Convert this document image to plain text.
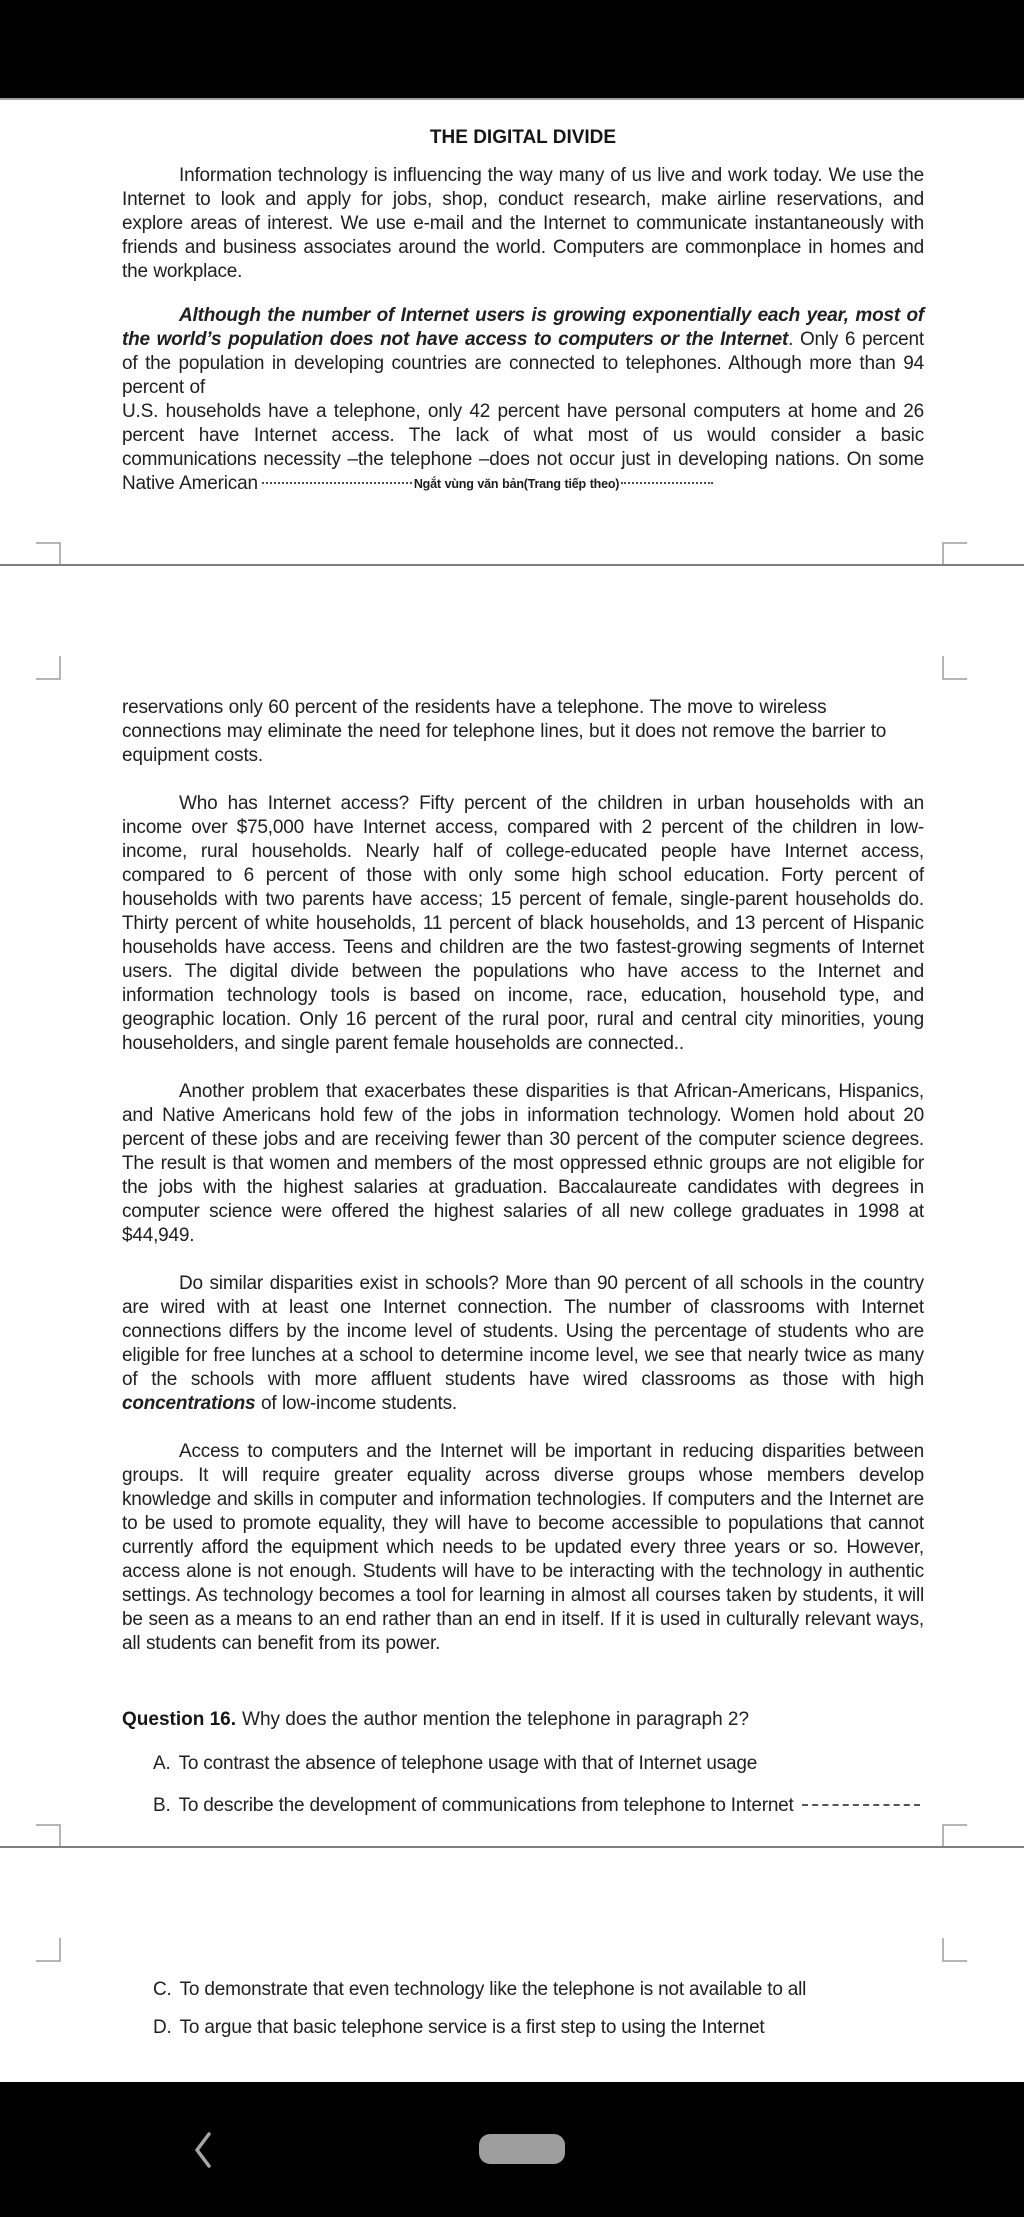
THE DIGITAL DIVIDE

Information technology is influencing the way many of us live and work today. We use the Internet to look and apply for jobs, shop, conduct research, make airline reservations, and explore areas of interest. We use e-mail and the Internet to communicate instantaneously with friends and business associates around the world. Computers are commonplace in homes and the workplace.

Although the number of Internet users is growing exponentially each year, most of the world’s population does not have access to computers or the Internet. Only 6 percent of the population in developing countries are connected to telephones. Although more than 94 percent of

U.S. households have a telephone, only 42 percent have personal computers at home and 26 percent have Internet access. The lack of what most of us would consider a basic communications necessity –the telephone –does not occur just in developing nations. On some Native American	Ngắt vùng văn bản(Trang tiếp theo)

reservations only 60 percent of the residents have a telephone. The move to wireless connections may eliminate the need for telephone lines, but it does not remove the barrier to equipment costs.

Who has Internet access? Fifty percent of the children in urban households with an income over $75,000 have Internet access, compared with 2 percent of the children in low-income, rural households. Nearly half of college-educated people have Internet access, compared to 6 percent of those with only some high school education. Forty percent of households with two parents have access; 15 percent of female, single-parent households do. Thirty percent of white households, 11 percent of black households, and 13 percent of Hispanic households have access. Teens and children are the two fastest-growing segments of Internet users. The digital divide between the populations who have access to the Internet and information technology tools is based on income, race, education, household type, and geographic location. Only 16 percent of the rural poor, rural and central city minorities, young householders, and single parent female households are connected..

Another problem that exacerbates these disparities is that African-Americans, Hispanics, and Native Americans hold few of the jobs in information technology. Women hold about 20 percent of these jobs and are receiving fewer than 30 percent of the computer science degrees. The result is that women and members of the most oppressed ethnic groups are not eligible for the jobs with the highest salaries at graduation. Baccalaureate candidates with degrees in computer science were offered the highest salaries of all new college graduates in 1998 at $44,949.

Do similar disparities exist in schools? More than 90 percent of all schools in the country are wired with at least one Internet connection. The number of classrooms with Internet connections differs by the income level of students. Using the percentage of students who are eligible for free lunches at a school to determine income level, we see that nearly twice as many of the schools with more affluent students have wired classrooms as those with high concentrations of low-income students.

Access to computers and the Internet will be important in reducing disparities between groups. It will require greater equality across diverse groups whose members develop knowledge and skills in computer and information technologies. If computers and the Internet are to be used to promote equality, they will have to become accessible to populations that cannot currently afford the equipment which needs to be updated every three years or so. However, access alone is not enough. Students will have to be interacting with the technology in authentic settings. As technology becomes a tool for learning in almost all courses taken by students, it will be seen as a means to an end rather than an end in itself. If it is used in culturally relevant ways, all students can benefit from its power.

Question 16. Why does the author mention the telephone in paragraph 2?

A. To contrast the absence of telephone usage with that of Internet usage

B. To describe the development of communications from telephone to Internet

C. To demonstrate that even technology like the telephone is not available to all

D. To argue that basic telephone service is a first step to using the Internet
